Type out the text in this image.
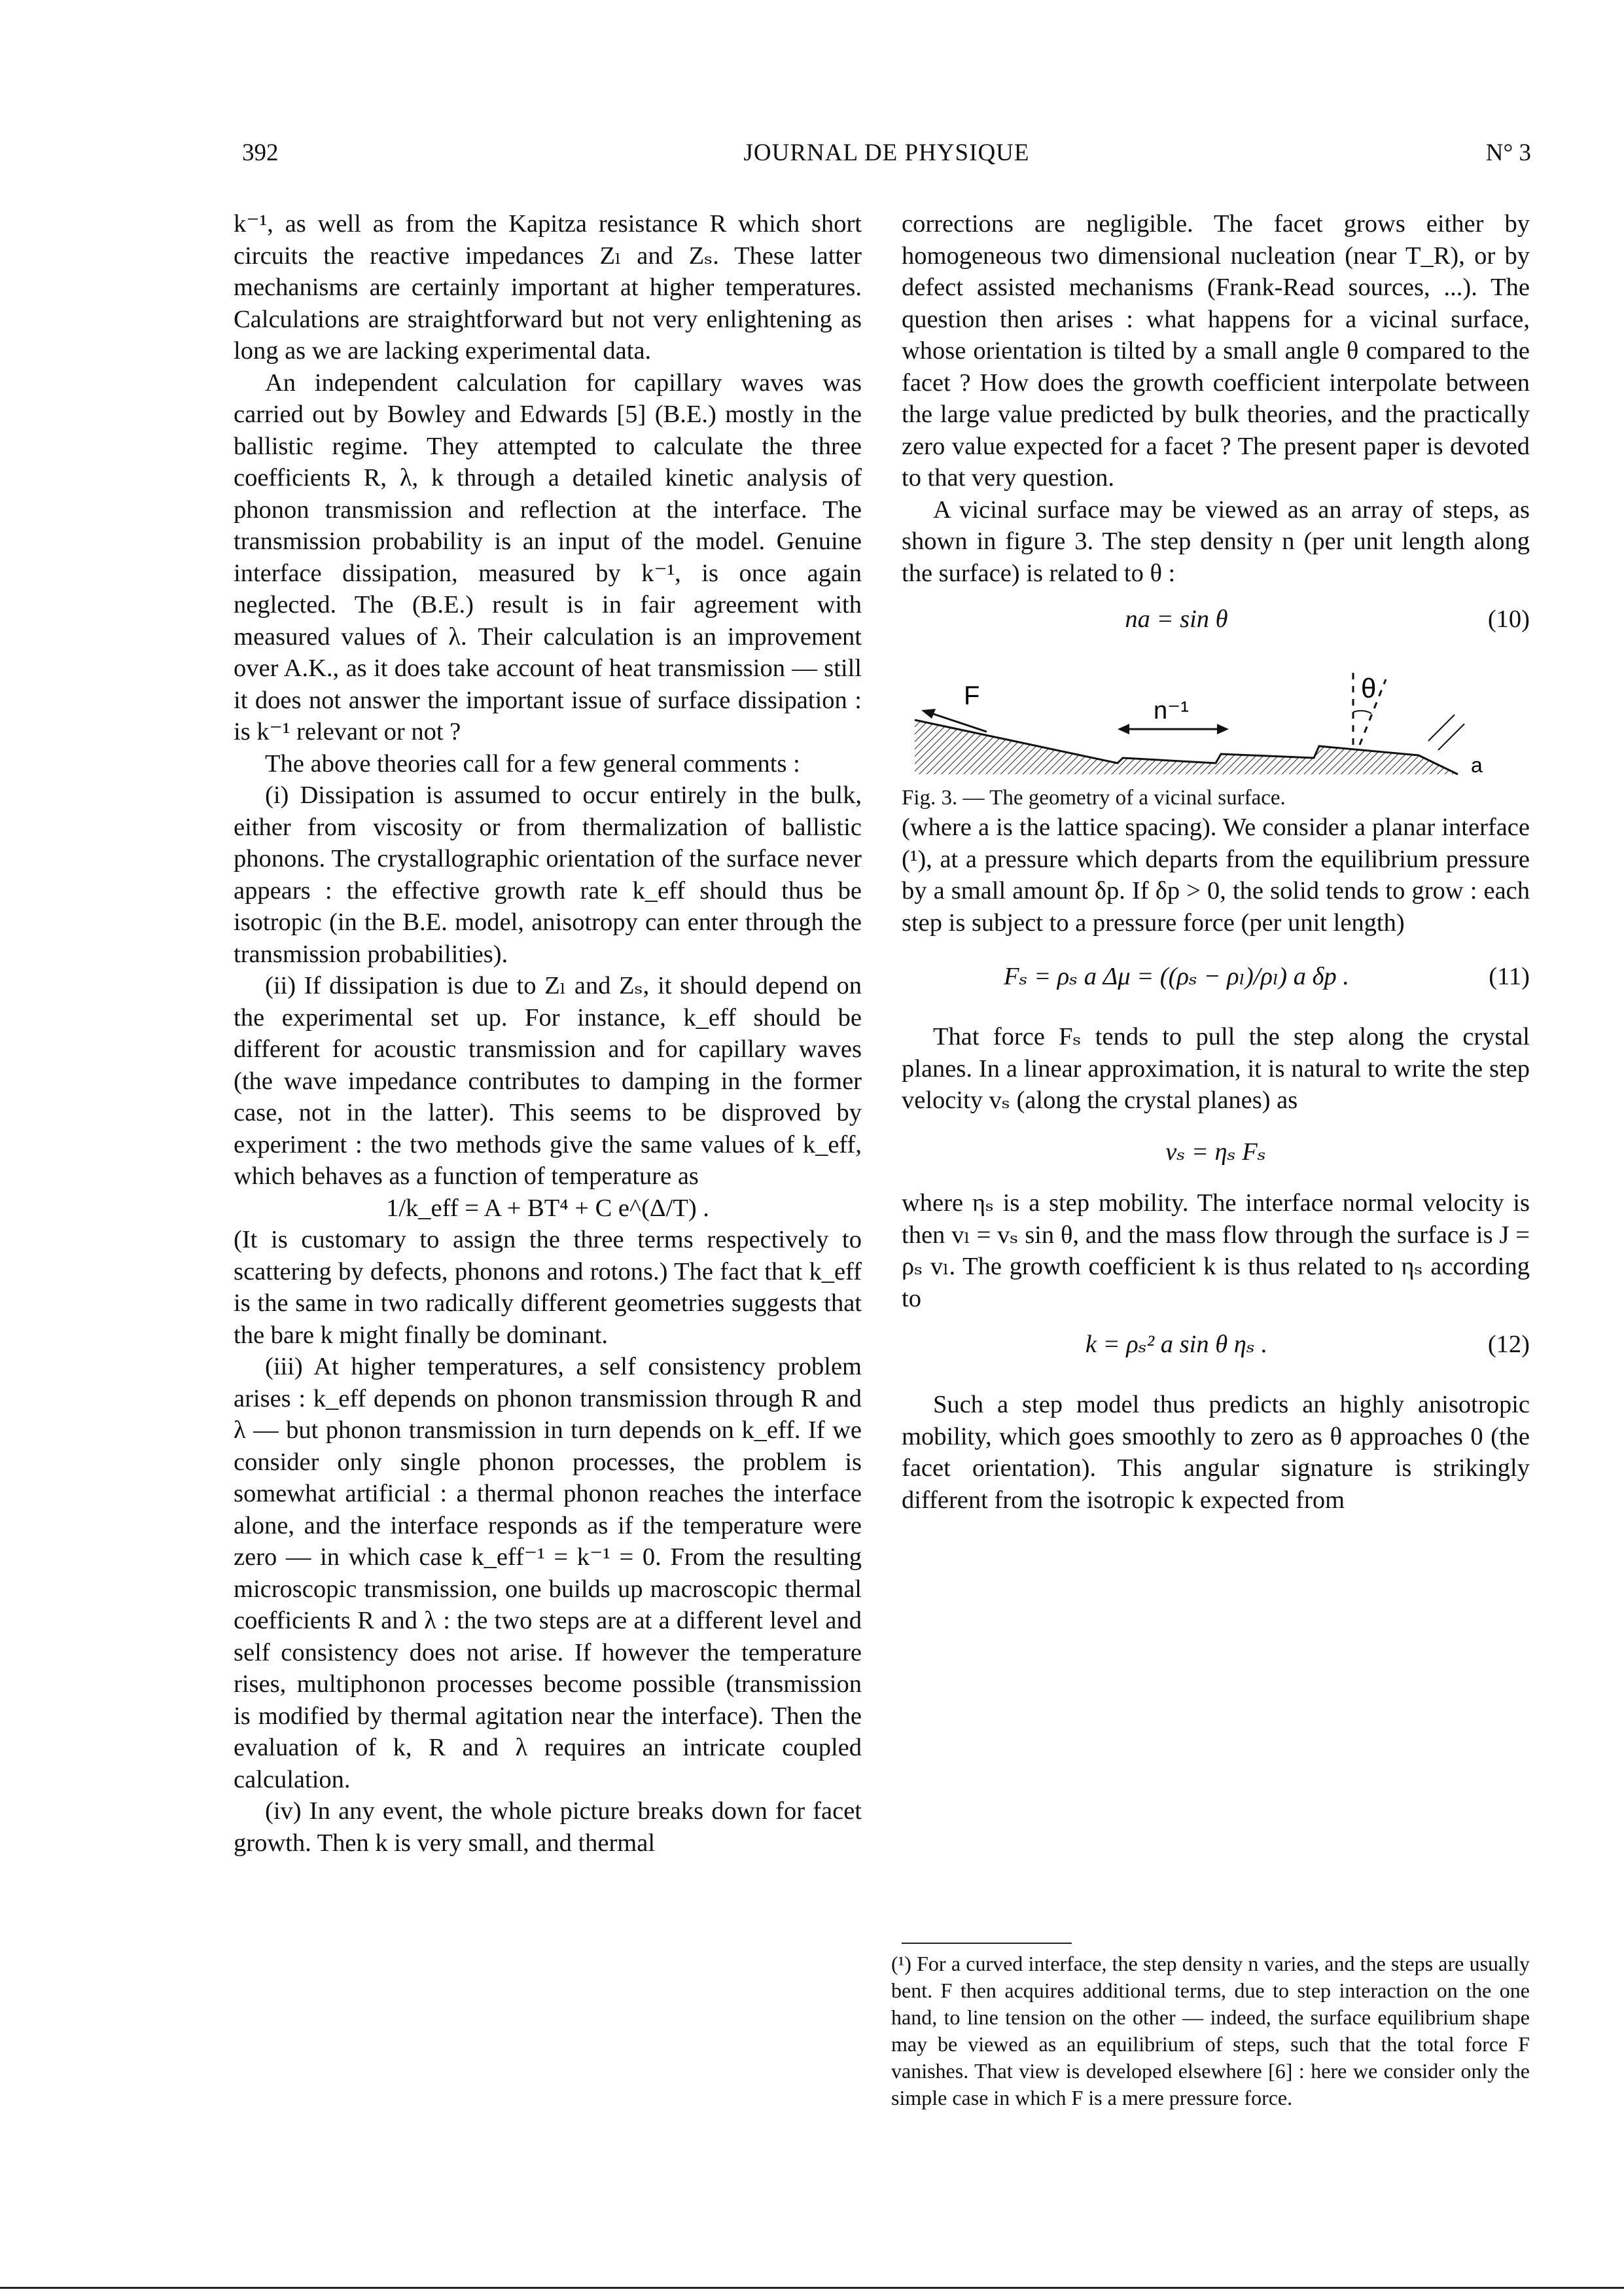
392	JOURNAL DE PHYSIQUE	N° 3

k⁻¹, as well as from the Kapitza resistance R which short circuits the reactive impedances Zₗ and Zₛ. These latter mechanisms are certainly important at higher temperatures. Calculations are straightforward but not very enlightening as long as we are lacking experimental data.

An independent calculation for capillary waves was carried out by Bowley and Edwards [5] (B.E.) mostly in the ballistic regime. They attempted to calculate the three coefficients R, λ, k through a detailed kinetic analysis of phonon transmission and reflection at the interface. The transmission probability is an input of the model. Genuine interface dissipation, measured by k⁻¹, is once again neglected. The (B.E.) result is in fair agreement with measured values of λ. Their calculation is an improvement over A.K., as it does take account of heat transmission — still it does not answer the important issue of surface dissipation : is k⁻¹ relevant or not ?

The above theories call for a few general comments :

(i) Dissipation is assumed to occur entirely in the bulk, either from viscosity or from thermalization of ballistic phonons. The crystallographic orientation of the surface never appears : the effective growth rate k_eff should thus be isotropic (in the B.E. model, anisotropy can enter through the transmission probabilities).

(ii) If dissipation is due to Zₗ and Zₛ, it should depend on the experimental set up. For instance, k_eff should be different for acoustic transmission and for capillary waves (the wave impedance contributes to damping in the former case, not in the latter). This seems to be disproved by experiment : the two methods give the same values of k_eff, which behaves as a function of temperature as

1/k_eff = A + BT⁴ + C e^(Δ/T) .

(It is customary to assign the three terms respectively to scattering by defects, phonons and rotons.) The fact that k_eff is the same in two radically different geometries suggests that the bare k might finally be dominant.

(iii) At higher temperatures, a self consistency problem arises : k_eff depends on phonon transmission through R and λ — but phonon transmission in turn depends on k_eff. If we consider only single phonon processes, the problem is somewhat artificial : a thermal phonon reaches the interface alone, and the interface responds as if the temperature were zero — in which case k_eff⁻¹ = k⁻¹ = 0. From the resulting microscopic transmission, one builds up macroscopic thermal coefficients R and λ : the two steps are at a different level and self consistency does not arise. If however the temperature rises, multiphonon processes become possible (transmission is modified by thermal agitation near the interface). Then the evaluation of k, R and λ requires an intricate coupled calculation.

(iv) In any event, the whole picture breaks down for facet growth. Then k is very small, and thermal

corrections are negligible. The facet grows either by homogeneous two dimensional nucleation (near T_R), or by defect assisted mechanisms (Frank-Read sources, ...). The question then arises : what happens for a vicinal surface, whose orientation is tilted by a small angle θ compared to the facet ? How does the growth coefficient interpolate between the large value predicted by bulk theories, and the practically zero value expected for a facet ? The present paper is devoted to that very question.

A vicinal surface may be viewed as an array of steps, as shown in figure 3. The step density n (per unit length along the surface) is related to θ :

na = sin θ	(10)
F
n⁻¹
θ
a

Fig. 3. — The geometry of a vicinal surface.

(where a is the lattice spacing). We consider a planar interface (¹), at a pressure which departs from the equilibrium pressure by a small amount δp. If δp > 0, the solid tends to grow : each step is subject to a pressure force (per unit length)

Fₛ = ρₛ a Δμ = ((ρₛ − ρₗ)/ρₗ) a δp .	(11)

That force Fₛ tends to pull the step along the crystal planes. In a linear approximation, it is natural to write the step velocity vₛ (along the crystal planes) as

vₛ = ηₛ Fₛ

where ηₛ is a step mobility. The interface normal velocity is then vₗ = vₛ sin θ, and the mass flow through the surface is J = ρₛ vₗ. The growth coefficient k is thus related to ηₛ according to

k = ρₛ² a sin θ ηₛ .	(12)

Such a step model thus predicts an highly anisotropic mobility, which goes smoothly to zero as θ approaches 0 (the facet orientation). This angular signature is strikingly different from the isotropic k expected from

(¹) For a curved interface, the step density n varies, and the steps are usually bent. F then acquires additional terms, due to step interaction on the one hand, to line tension on the other — indeed, the surface equilibrium shape may be viewed as an equilibrium of steps, such that the total force F vanishes. That view is developed elsewhere [6] : here we consider only the simple case in which F is a mere pressure force.
